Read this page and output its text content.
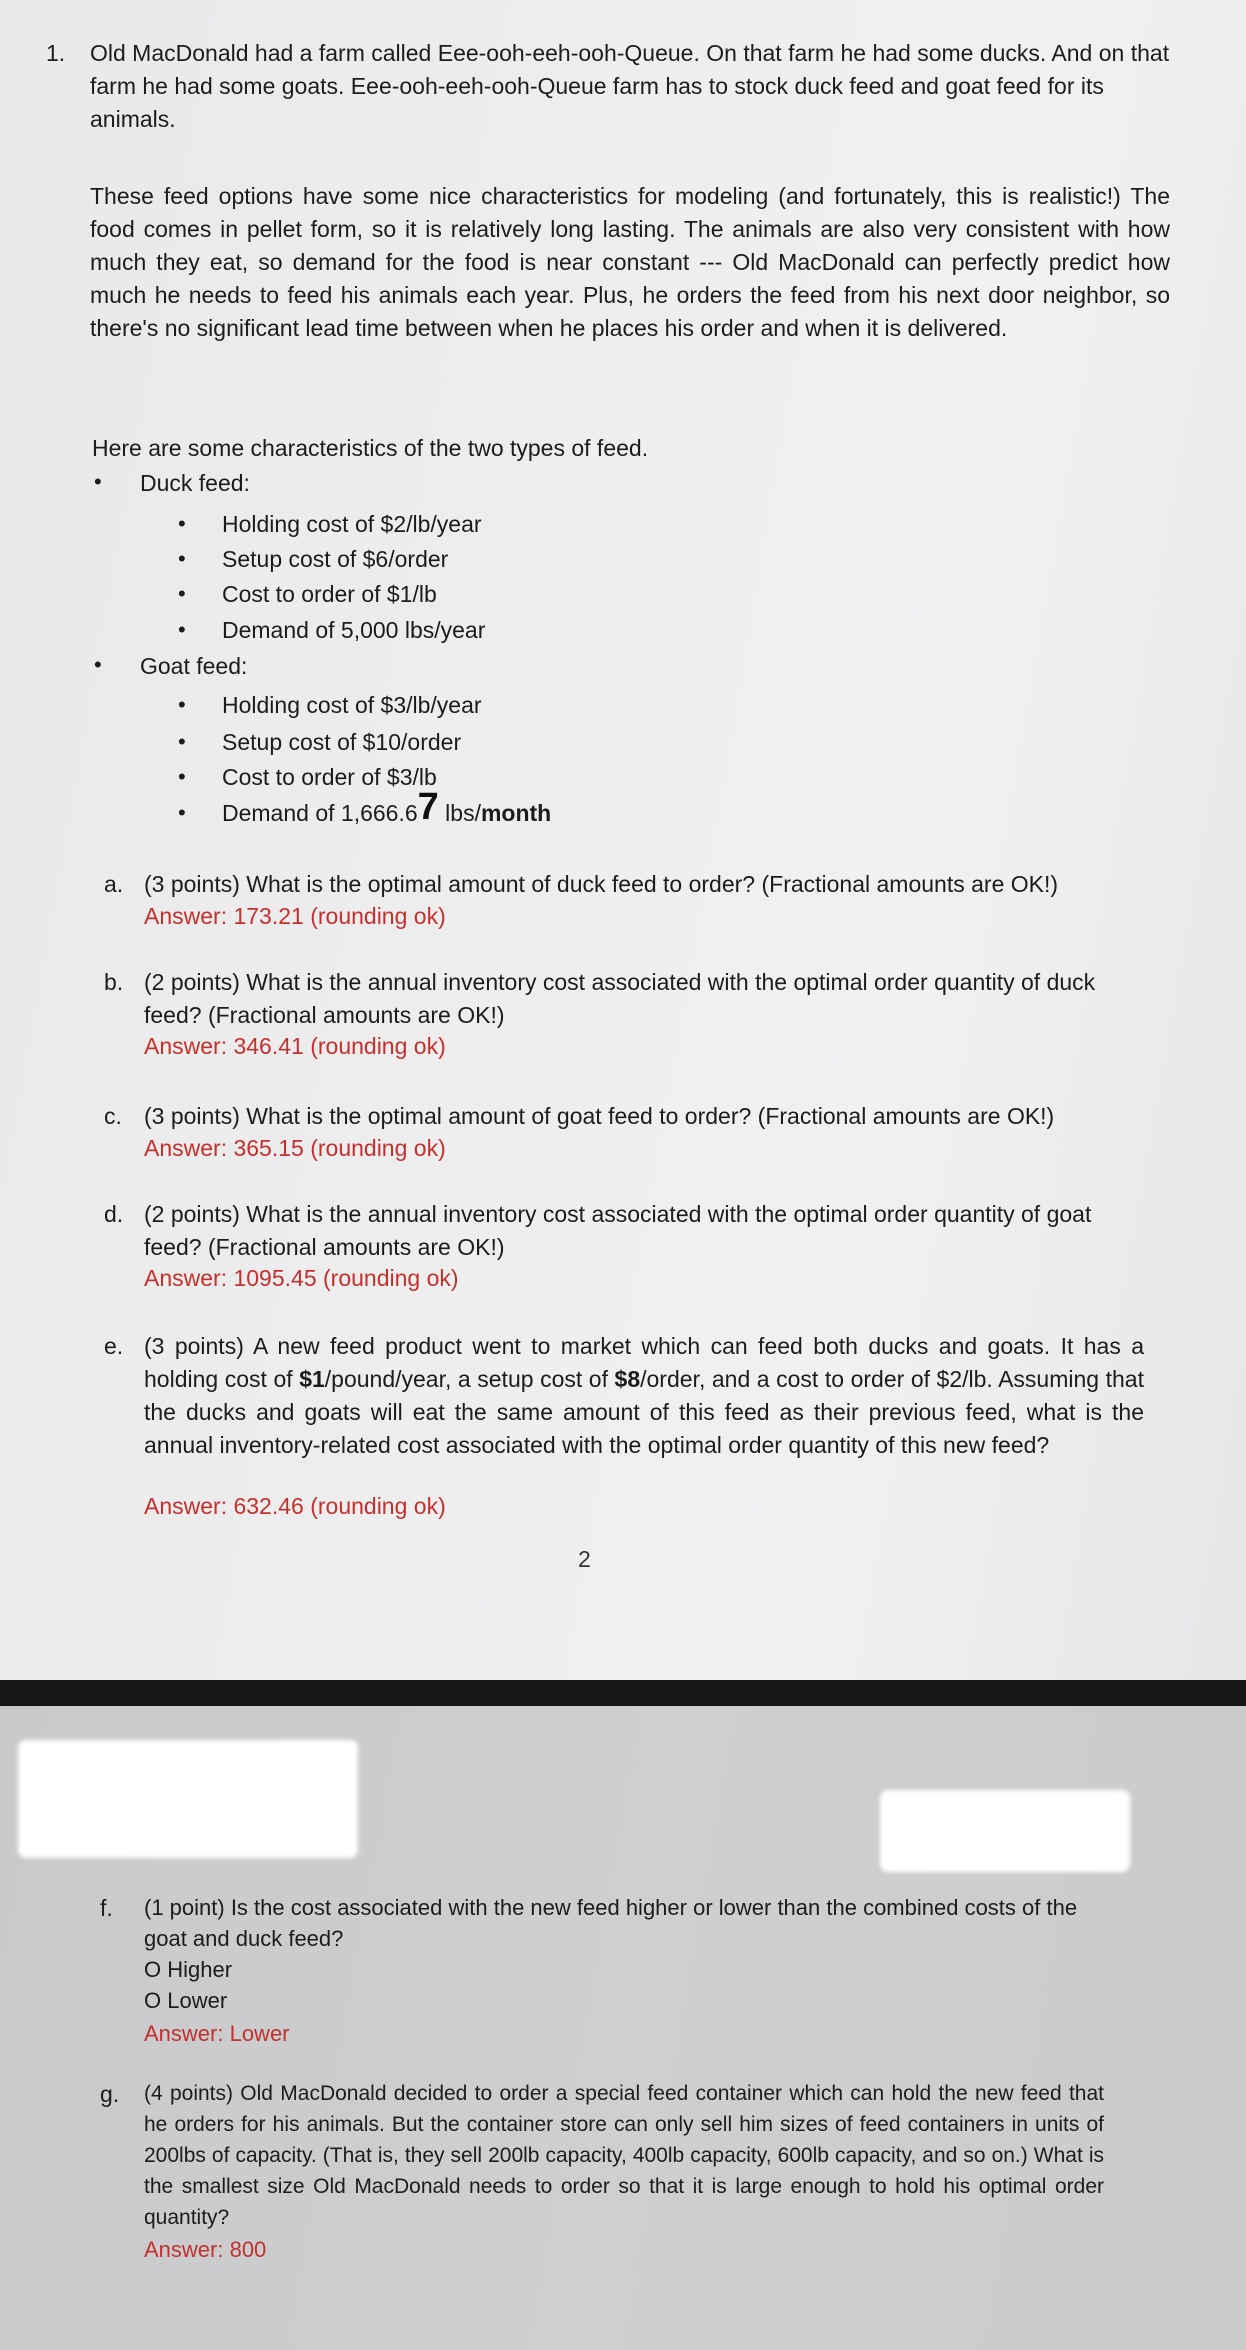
1. Old MacDonald had a farm called Eee-ooh-eeh-ooh-Queue. On that farm he had some ducks. And on that farm he had some goats. Eee-ooh-eeh-ooh-Queue farm has to stock duck feed and goat feed for its animals.
These feed options have some nice characteristics for modeling (and fortunately, this is realistic!) The food comes in pellet form, so it is relatively long lasting. The animals are also very consistent with how much they eat, so demand for the food is near constant --- Old MacDonald can perfectly predict how much he needs to feed his animals each year. Plus, he orders the feed from his next door neighbor, so there's no significant lead time between when he places his order and when it is delivered.
Here are some characteristics of the two types of feed.
• Duck feed:
• Holding cost of $2/lb/year
• Setup cost of $6/order
• Cost to order of $1/lb
• Demand of 5,000 lbs/year
• Goat feed:
• Holding cost of $3/lb/year
• Setup cost of $10/order
• Cost to order of $3/lb
• Demand of 1,666.67 lbs/month
a. (3 points) What is the optimal amount of duck feed to order? (Fractional amounts are OK!)
Answer: 173.21 (rounding ok)
b. (2 points) What is the annual inventory cost associated with the optimal order quantity of duck feed? (Fractional amounts are OK!)
Answer: 346.41 (rounding ok)
c. (3 points) What is the optimal amount of goat feed to order? (Fractional amounts are OK!)
Answer: 365.15 (rounding ok)
d. (2 points) What is the annual inventory cost associated with the optimal order quantity of goat feed? (Fractional amounts are OK!)
Answer: 1095.45 (rounding ok)
e. (3 points) A new feed product went to market which can feed both ducks and goats. It has a holding cost of $1/pound/year, a setup cost of $8/order, and a cost to order of $2/lb. Assuming that the ducks and goats will eat the same amount of this feed as their previous feed, what is the annual inventory-related cost associated with the optimal order quantity of this new feed?
Answer: 632.46 (rounding ok)
2
f. (1 point) Is the cost associated with the new feed higher or lower than the combined costs of the goat and duck feed?
O Higher
O Lower
Answer: Lower
g. (4 points) Old MacDonald decided to order a special feed container which can hold the new feed that he orders for his animals. But the container store can only sell him sizes of feed containers in units of 200lbs of capacity. (That is, they sell 200lb capacity, 400lb capacity, 600lb capacity, and so on.) What is the smallest size Old MacDonald needs to order so that it is large enough to hold his optimal order quantity?
Answer: 800
